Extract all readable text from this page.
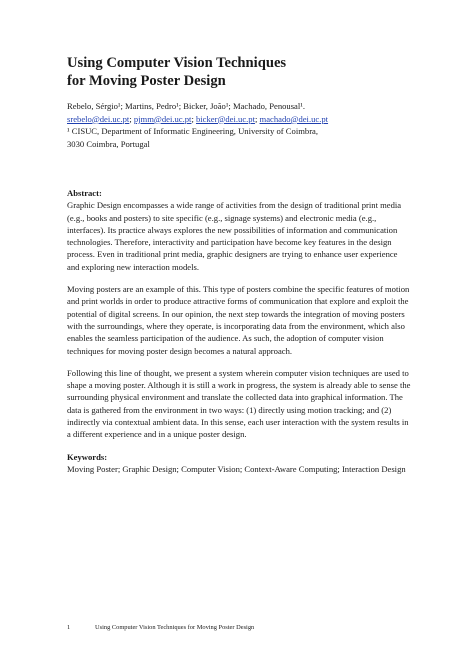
Using Computer Vision Techniques
for Moving Poster Design
Rebelo, Sérgio¹; Martins, Pedro¹; Bicker, João¹; Machado, Penousal¹.
srebelo@dei.uc.pt; pjmm@dei.uc.pt; bicker@dei.uc.pt; machado@dei.uc.pt
¹ CISUC, Department of Informatic Engineering, University of Coimbra,
3030 Coimbra, Portugal

Abstract:

Graphic Design encompasses a wide range of activities from the design of traditional print media (e.g., books and posters) to site specific (e.g., signage systems) and electronic media (e.g., interfaces). Its practice always explores the new possibilities of information and communication technologies. Therefore, interactivity and participation have become key features in the design process. Even in traditional print media, graphic designers are trying to enhance user experience and exploring new interaction models.

Moving posters are an example of this. This type of posters combine the specific features of motion and print worlds in order to produce attractive forms of communication that explore and exploit the potential of digital screens. In our opinion, the next step towards the integration of moving posters with the surroundings, where they operate, is incorporating data from the environment, which also enables the seamless participation of the audience. As such, the adoption of computer vision techniques for moving poster design becomes a natural approach.

Following this line of thought, we present a system wherein computer vision techniques are used to shape a moving poster. Although it is still a work in progress, the system is already able to sense the surrounding physical environment and translate the collected data into graphical information. The data is gathered from the environment in two ways: (1) directly using motion tracking; and (2) indirectly via contextual ambient data. In this sense, each user interaction with the system results in a different experience and in a unique poster design.

Keywords:

Moving Poster; Graphic Design; Computer Vision; Context-Aware Computing; Interaction Design

1	Using Computer Vision Techniques for Moving Poster Design
